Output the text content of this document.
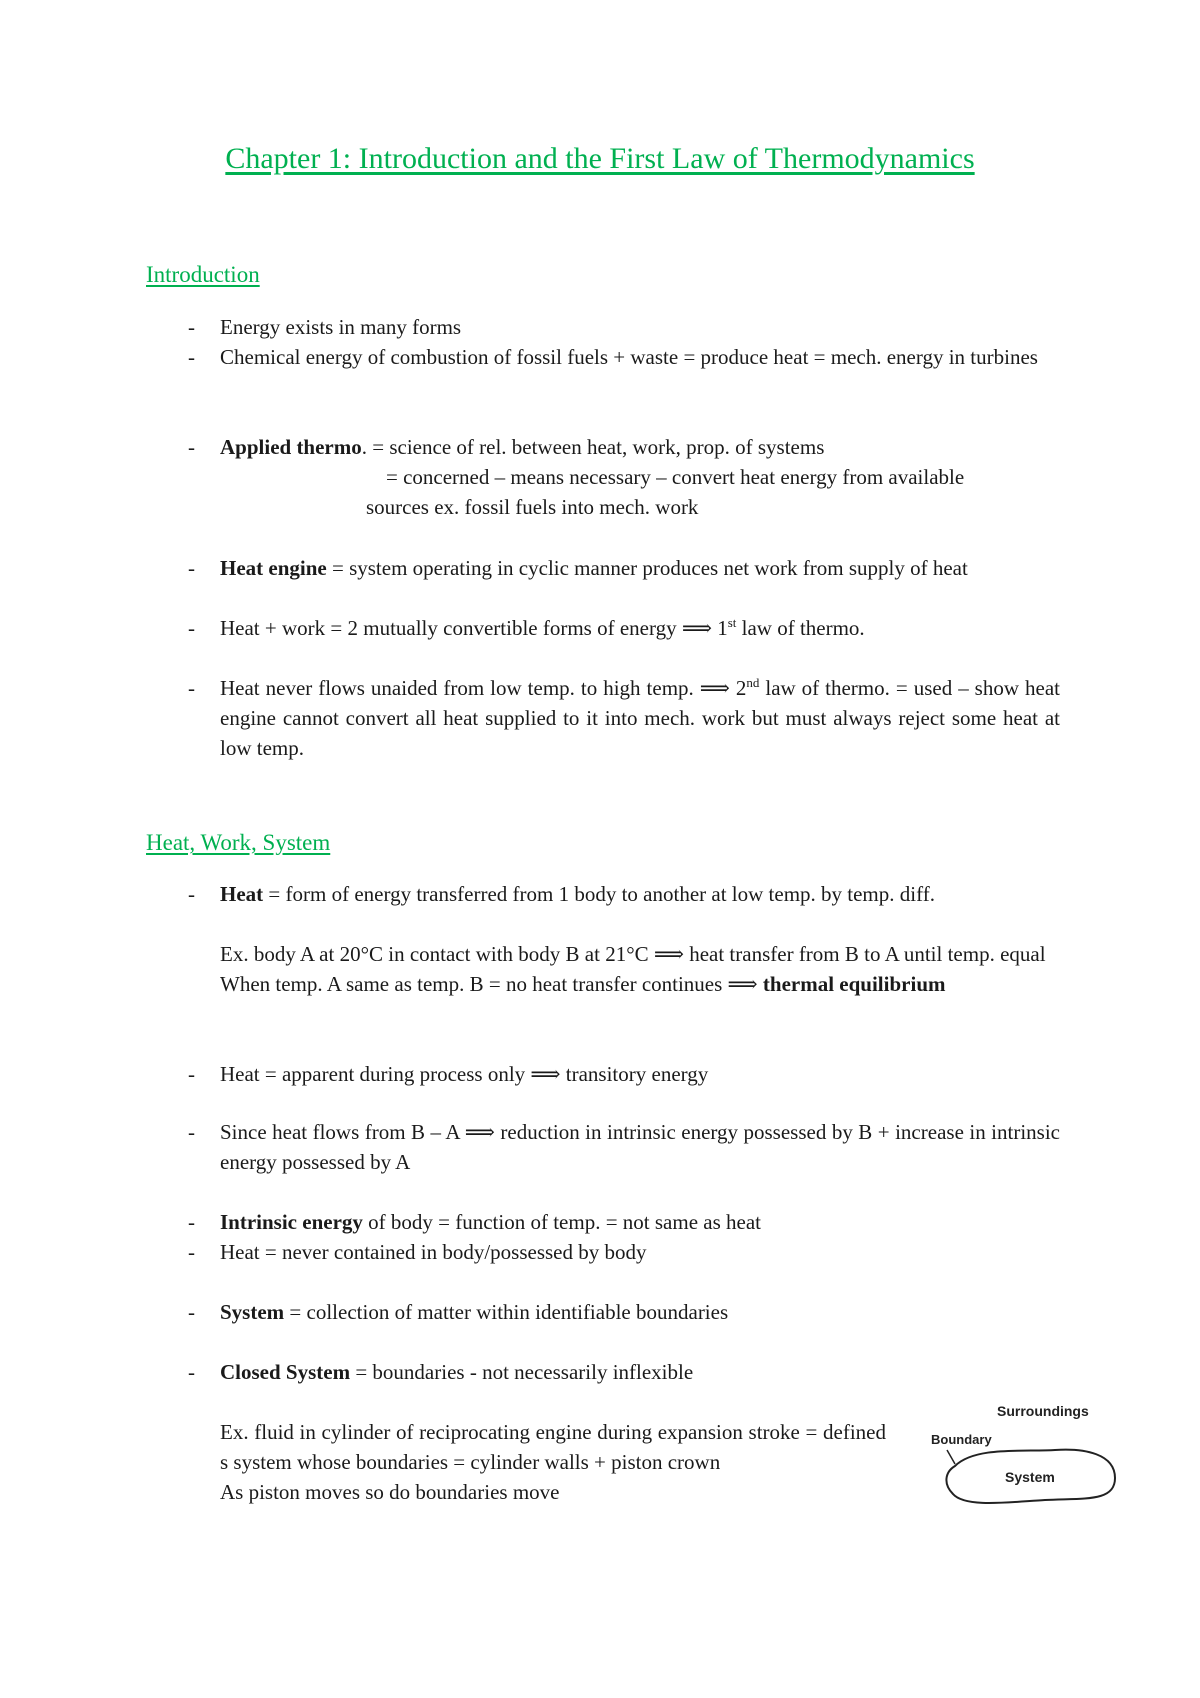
Chapter 1: Introduction and the First Law of Thermodynamics
Introduction
- Energy exists in many forms
- Chemical energy of combustion of fossil fuels + waste = produce heat = mech. energy in turbines
- Applied thermo. = science of rel. between heat, work, prop. of systems
= concerned – means necessary – convert heat energy from available
sources ex. fossil fuels into mech. work
- Heat engine = system operating in cyclic manner produces net work from supply of heat
- Heat + work = 2 mutually convertible forms of energy ⟹ 1st law of thermo.
- Heat never flows unaided from low temp. to high temp. ⟹ 2nd law of thermo. = used – show heat engine cannot convert all heat supplied to it into mech. work but must always reject some heat at low temp.
Heat, Work, System
- Heat = form of energy transferred from 1 body to another at low temp. by temp. diff.
Ex. body A at 20°C in contact with body B at 21°C ⟹ heat transfer from B to A until temp. equal
When temp. A same as temp. B = no heat transfer continues ⟹ thermal equilibrium
- Heat = apparent during process only ⟹ transitory energy
- Since heat flows from B – A ⟹ reduction in intrinsic energy possessed by B + increase in intrinsic energy possessed by A
- Intrinsic energy of body = function of temp. = not same as heat
- Heat = never contained in body/possessed by body
- System = collection of matter within identifiable boundaries
- Closed System = boundaries - not necessarily inflexible
Ex. fluid in cylinder of reciprocating engine during expansion stroke = defined s system whose boundaries = cylinder walls + piston crown
As piston moves so do boundaries move
Surroundings
Boundary
System
